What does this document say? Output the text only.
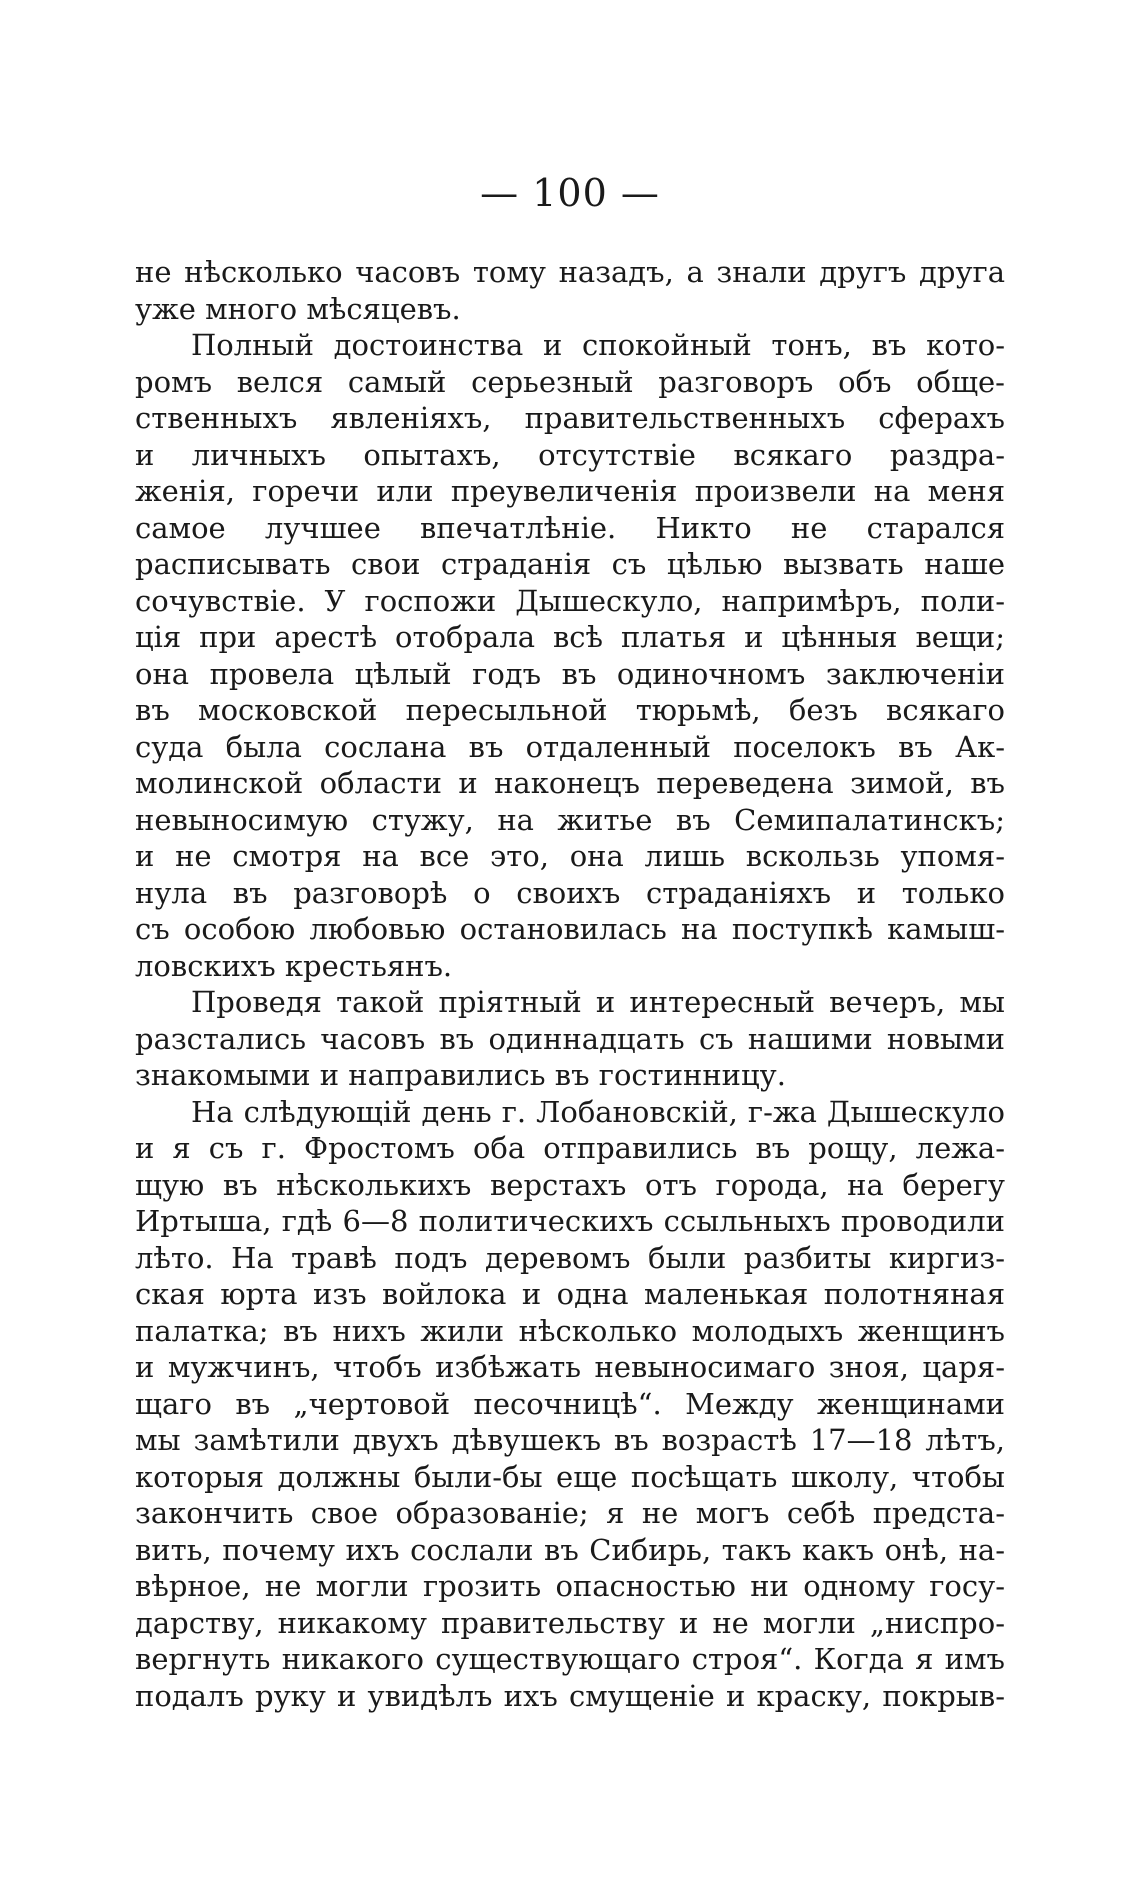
— 100 —
не нѣсколько часовъ тому назадъ, а знали другъ друга
уже много мѣсяцевъ.
Полный достоинства и спокойный тонъ, въ кото-
ромъ велся самый серьезный разговоръ объ обще-
ственныхъ явленіяхъ, правительственныхъ сферахъ
и личныхъ опытахъ, отсутствіе всякаго раздра-
женія, горечи или преувеличенія произвели на меня
самое лучшее впечатлѣніе. Никто не старался
расписывать свои страданія съ цѣлью вызвать наше
сочувствіе. У госпожи Дышескуло, напримѣръ, поли-
ція при арестѣ отобрала всѣ платья и цѣнныя вещи;
она провела цѣлый годъ въ одиночномъ заключеніи
въ московской пересыльной тюрьмѣ, безъ всякаго
суда была сослана въ отдаленный поселокъ въ Ак-
молинской области и наконецъ переведена зимой, въ
невыносимую стужу, на житье въ Семипалатинскъ;
и не смотря на все это, она лишь вскользь упомя-
нула въ разговорѣ о своихъ страданіяхъ и только
съ особою любовью остановилась на поступкѣ камыш-
ловскихъ крестьянъ.
Проведя такой пріятный и интересный вечеръ, мы
разстались часовъ въ одиннадцать съ нашими новыми
знакомыми и направились въ гостинницу.
На слѣдующій день г. Лобановскій, г-жа Дышескуло
и я съ г. Фростомъ оба отправились въ рощу, лежа-
щую въ нѣсколькихъ верстахъ отъ города, на берегу
Иртыша, гдѣ 6—8 политическихъ ссыльныхъ проводили
лѣто. На травѣ подъ деревомъ были разбиты киргиз-
ская юрта изъ войлока и одна маленькая полотняная
палатка; въ нихъ жили нѣсколько молодыхъ женщинъ
и мужчинъ, чтобъ избѣжать невыносимаго зноя, царя-
щаго въ „чертовой песочницѣ“. Между женщинами
мы замѣтили двухъ дѣвушекъ въ возрастѣ 17—18 лѣтъ,
которыя должны были-бы еще посѣщать школу, чтобы
закончить свое образованіе; я не могъ себѣ предста-
вить, почему ихъ сослали въ Сибирь, такъ какъ онѣ, на-
вѣрное, не могли грозить опасностью ни одному госу-
дарству, никакому правительству и не могли „ниспро-
вергнуть никакого существующаго строя“. Когда я имъ
подалъ руку и увидѣлъ ихъ смущеніе и краску, покрыв-
